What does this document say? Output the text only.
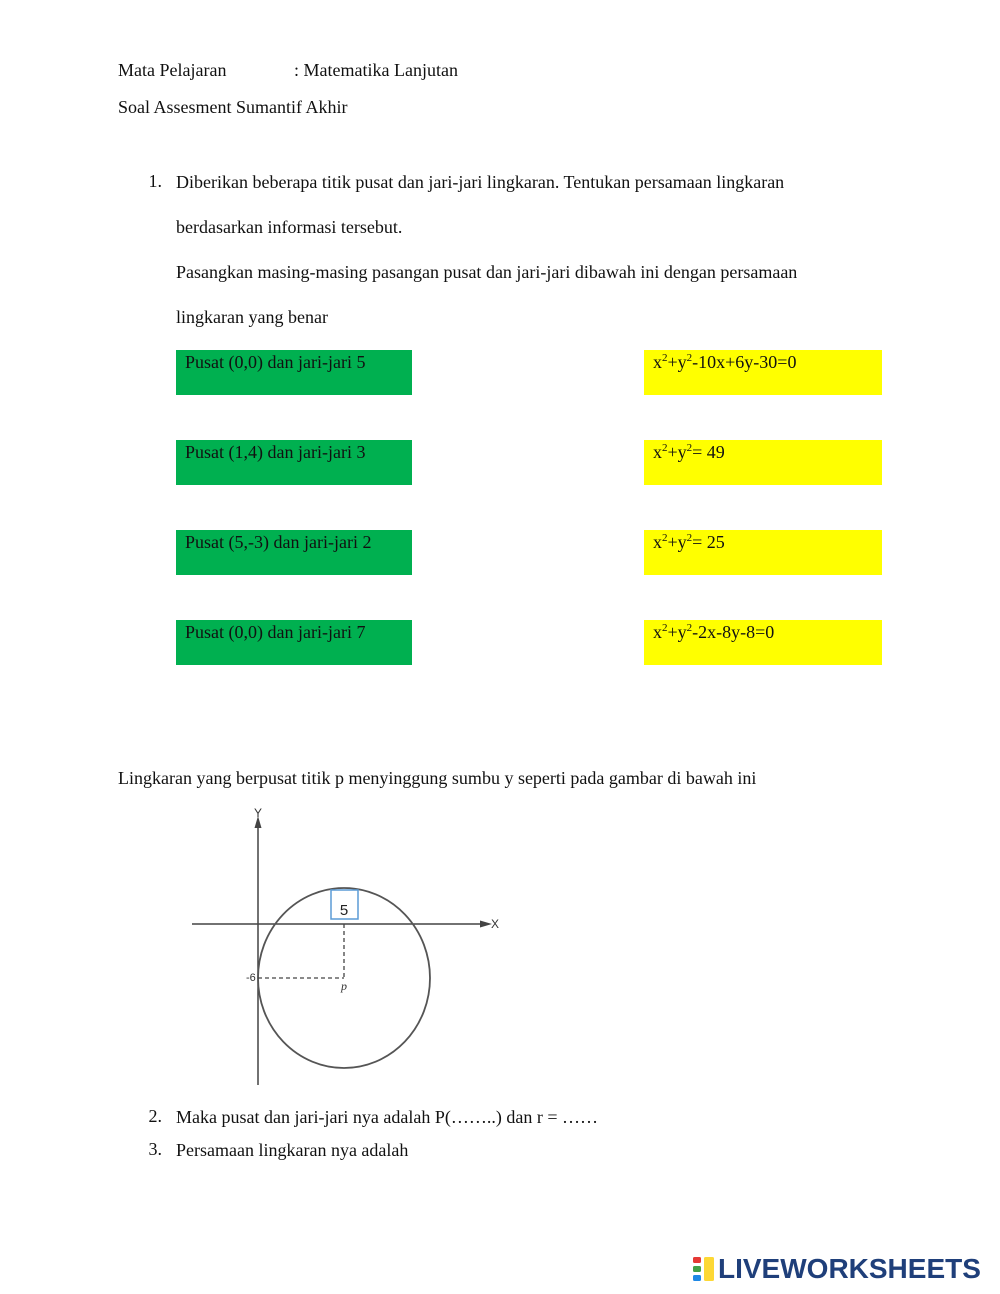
Mata Pelajaran	: Matematika Lanjutan
Soal Assesment Sumantif Akhir
1. Diberikan beberapa titik pusat dan jari-jari lingkaran. Tentukan persamaan lingkaran
berdasarkan informasi tersebut.
Pasangkan masing-masing pasangan pusat dan jari-jari dibawah ini dengan persamaan
lingkaran yang benar
Pusat (0,0) dan jari-jari 5
Pusat (1,4) dan jari-jari 3
Pusat (5,-3) dan jari-jari 2
Pusat (0,0) dan jari-jari 7
$x^2+y^2-10x+6y-30=0$
$x^2+y^2= 49$
$x^2+y^2= 25$
$x^2+y^2-2x-8y-8=0$
Lingkaran yang berpusat titik p menyinggung sumbu y seperti pada gambar di bawah ini
Y
X
5
-6
p
2. Maka pusat dan jari-jari nya adalah P(……..) dan r = ……
3. Persamaan lingkaran nya adalah
LIVEWORKSHEETS
